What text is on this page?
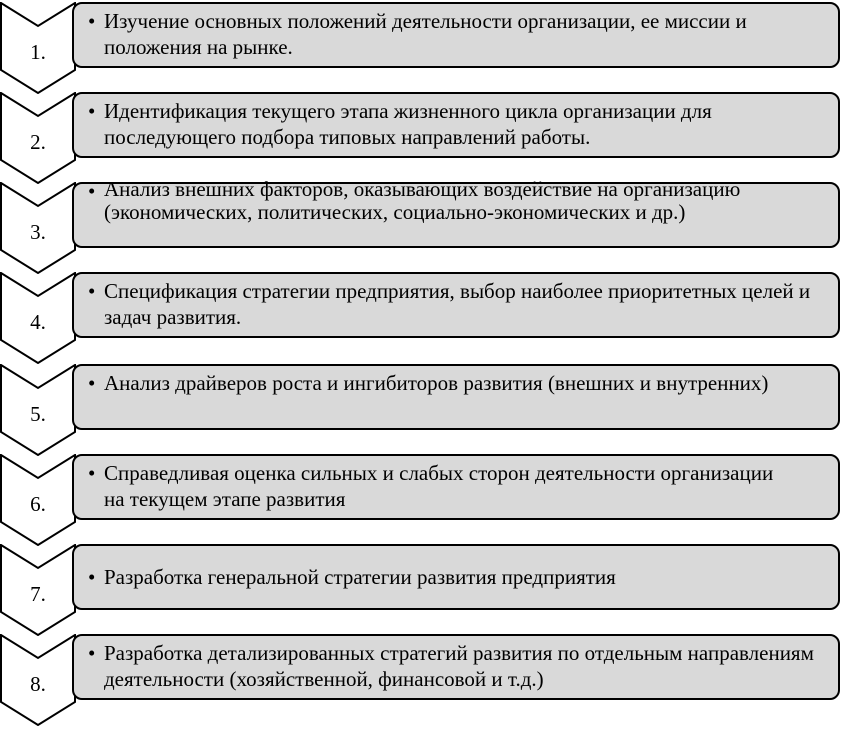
1.
• Изучение основных положений деятельности организации, ее миссии и положения на рынке.
2.
• Идентификация текущего этапа жизненного цикла организации для последующего подбора типовых направлений работы.
3.
• Анализ внешних факторов, оказывающих воздействие на организацию (экономических, политических, социально-экономических и др.)
4.
• Спецификация стратегии предприятия, выбор наиболее приоритетных целей и задач развития.
5.
• Анализ драйверов роста и ингибиторов развития (внешних и внутренних)
6.
• Справедливая оценка сильных и слабых сторон деятельности организации на текущем этапе развития
7.
• Разработка генеральной стратегии развития предприятия
8.
• Разработка детализированных стратегий развития по отдельным направлениям деятельности (хозяйственной, финансовой и т.д.)
